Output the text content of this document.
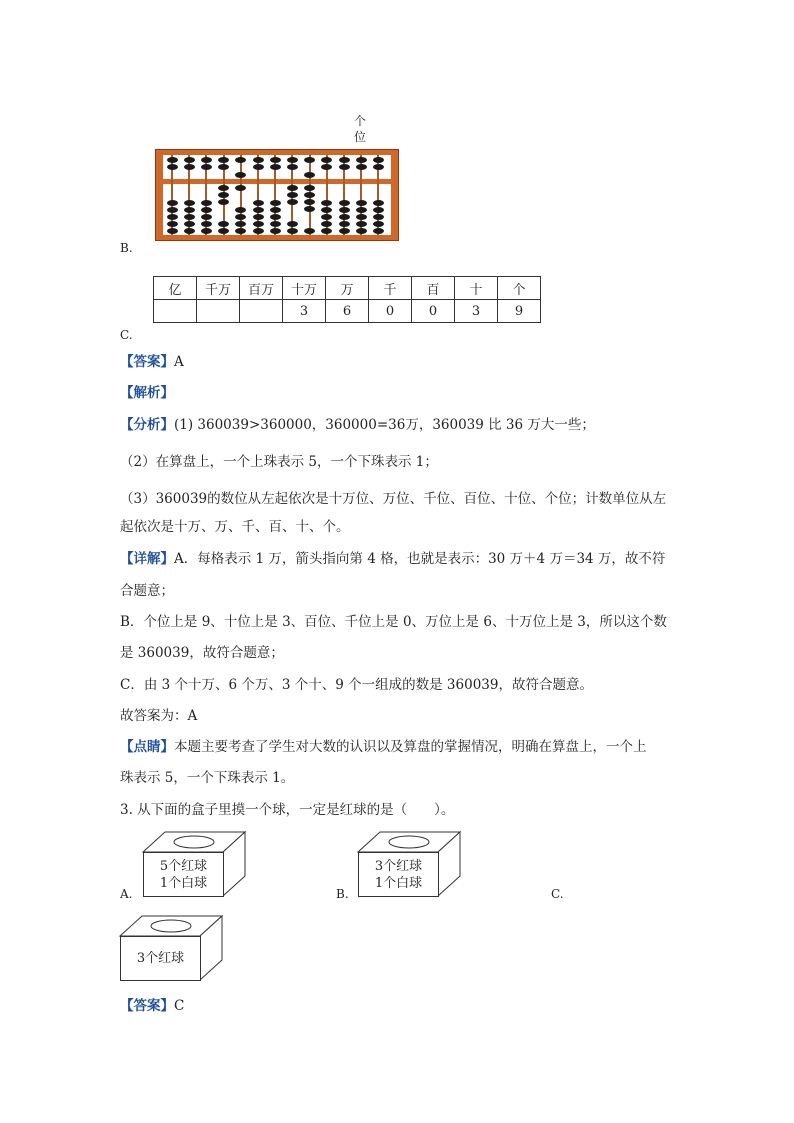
个
位
B.
亿	千万	百万	十万	万	千	百	十	个
			3	6	0	0	3	9
C.
【答案】A
【解析】
【分析】(1) 360039>360000，360000=36万，360039 比 36 万大一些；
（2）在算盘上，一个上珠表示 5，一个下珠表示 1；
（3）360039的数位从左起依次是十万位、万位、千位、百位、十位、个位；计数单位从左
起依次是十万、万、千、百、十、个。
【详解】A．每格表示 1 万，箭头指向第 4 格，也就是表示：30 万＋4 万＝34 万，故不符
合题意；
B．个位上是 9、十位上是 3、百位、千位上是 0、万位上是 6、十万位上是 3，所以这个数
是 360039，故符合题意；
C．由 3 个十万、6 个万、3 个十、9 个一组成的数是 360039，故符合题意。
故答案为：A
【点睛】本题主要考查了学生对大数的认识以及算盘的掌握情况，明确在算盘上，一个上
珠表示 5，一个下珠表示 1。
3. 从下面的盒子里摸一个球，一定是红球的是（　　）。
5个红球
1个白球
A.
3个红球
1个白球
B.	C.
3个红球
【答案】C
